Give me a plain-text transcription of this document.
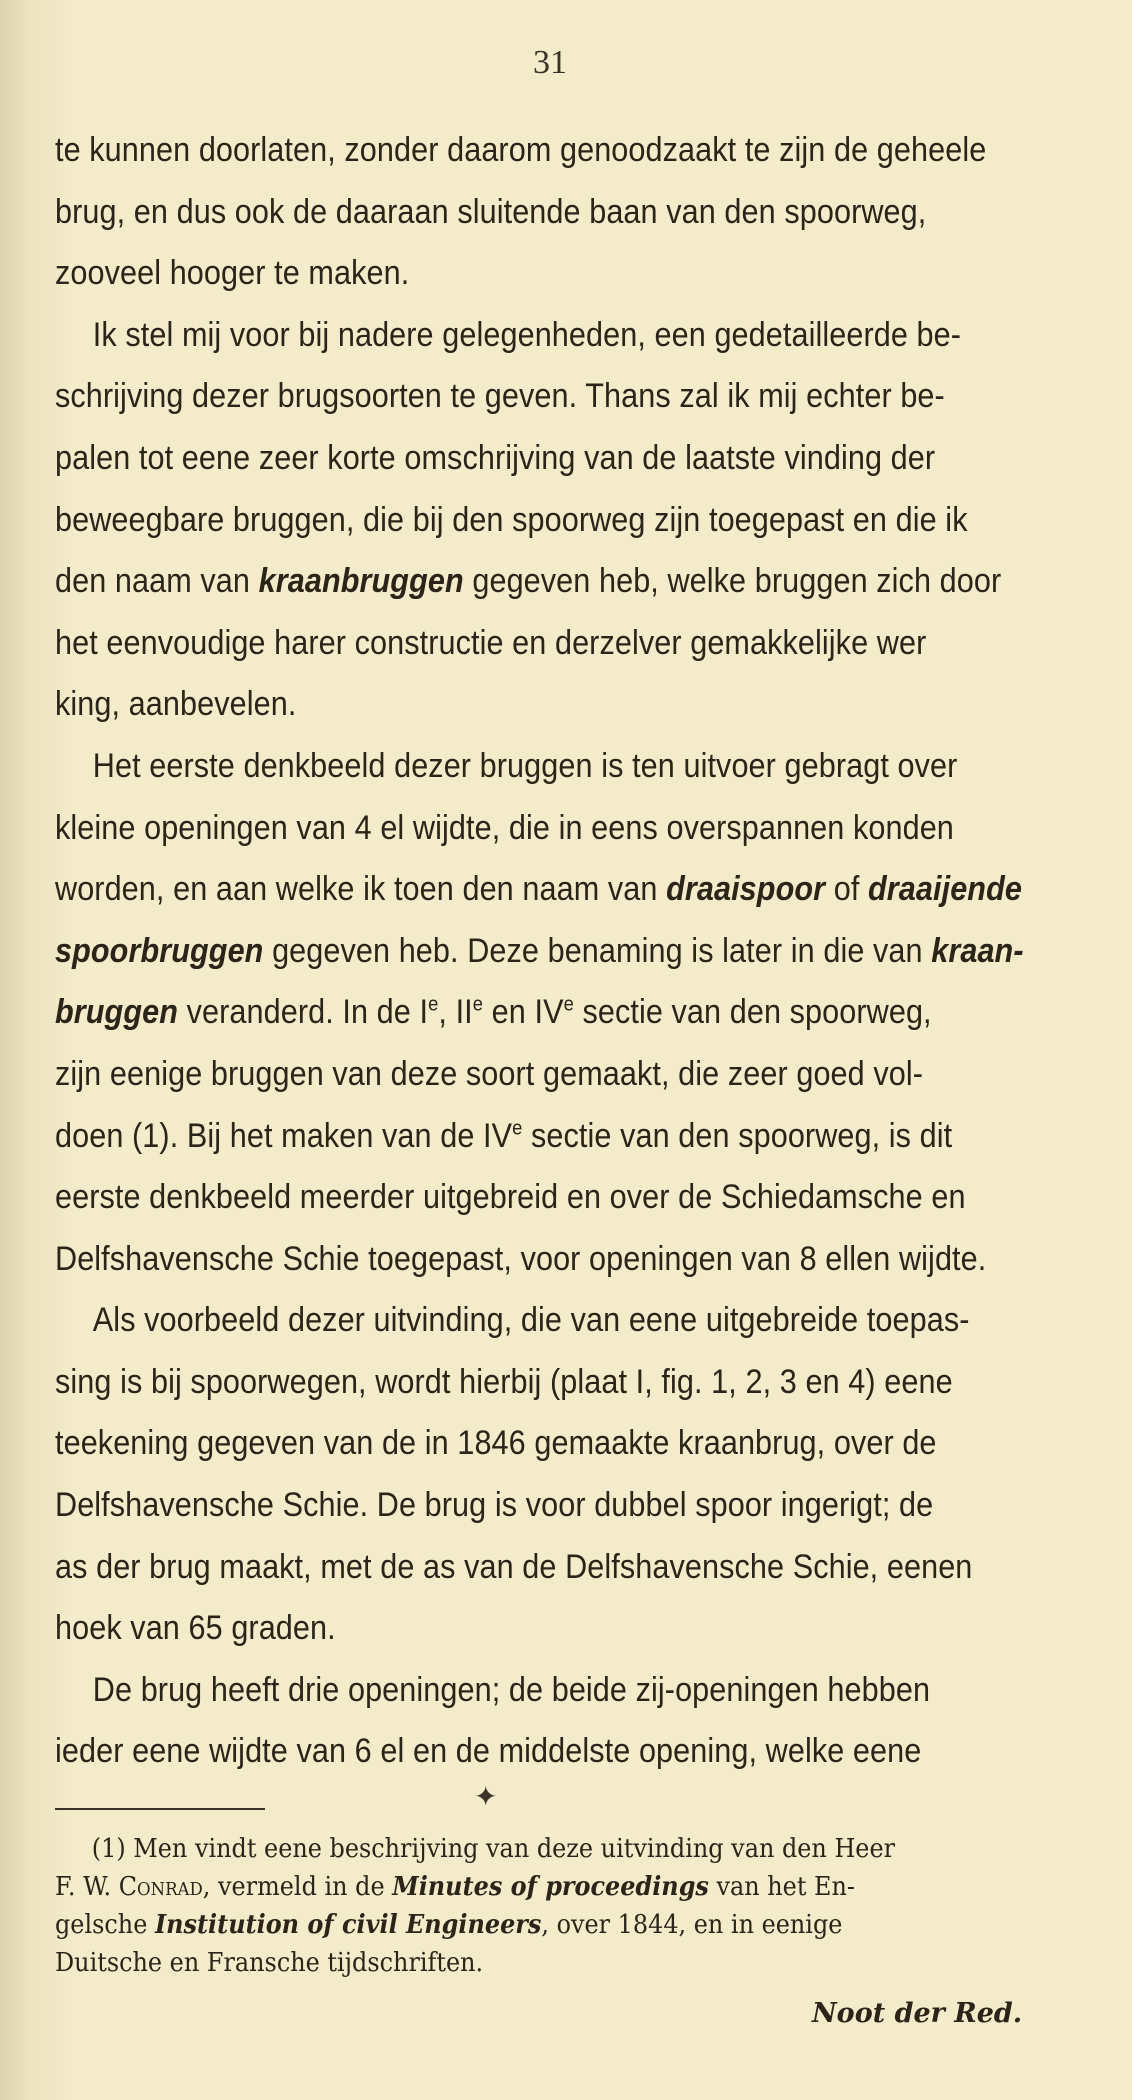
31
te kunnen doorlaten, zonder daarom genoodzaakt te zijn de geheele
brug, en dus ook de daaraan sluitende baan van den spoorweg,
zooveel hooger te maken.
Ik stel mij voor bij nadere gelegenheden, een gedetailleerde be-
schrijving dezer brugsoorten te geven. Thans zal ik mij echter be-
palen tot eene zeer korte omschrijving van de laatste vinding der
beweegbare bruggen, die bij den spoorweg zijn toegepast en die ik
den naam van kraanbruggen gegeven heb, welke bruggen zich door
het eenvoudige harer constructie en derzelver gemakkelijke wer
king, aanbevelen.
Het eerste denkbeeld dezer bruggen is ten uitvoer gebragt over
kleine openingen van 4 el wijdte, die in eens overspannen konden
worden, en aan welke ik toen den naam van draaispoor of draaijende
spoorbruggen gegeven heb. Deze benaming is later in die van kraan-
bruggen veranderd. In de Ie, IIe en IVe sectie van den spoorweg,
zijn eenige bruggen van deze soort gemaakt, die zeer goed vol-
doen (1). Bij het maken van de IVe sectie van den spoorweg, is dit
eerste denkbeeld meerder uitgebreid en over de Schiedamsche en
Delfshavensche Schie toegepast, voor openingen van 8 ellen wijdte.
Als voorbeeld dezer uitvinding, die van eene uitgebreide toepas-
sing is bij spoorwegen, wordt hierbij (plaat I, fig. 1, 2, 3 en 4) eene
teekening gegeven van de in 1846 gemaakte kraanbrug, over de
Delfshavensche Schie. De brug is voor dubbel spoor ingerigt; de
as der brug maakt, met de as van de Delfshavensche Schie, eenen
hoek van 65 graden.
De brug heeft drie openingen; de beide zij-openingen hebben
ieder eene wijdte van 6 el en de middelste opening, welke eene
✦
(1) Men vindt eene beschrijving van deze uitvinding van den Heer
F. W. Conrad, vermeld in de Minutes of proceedings van het En-
gelsche Institution of civil Engineers, over 1844, en in eenige
Duitsche en Fransche tijdschriften.
Noot der Red.
